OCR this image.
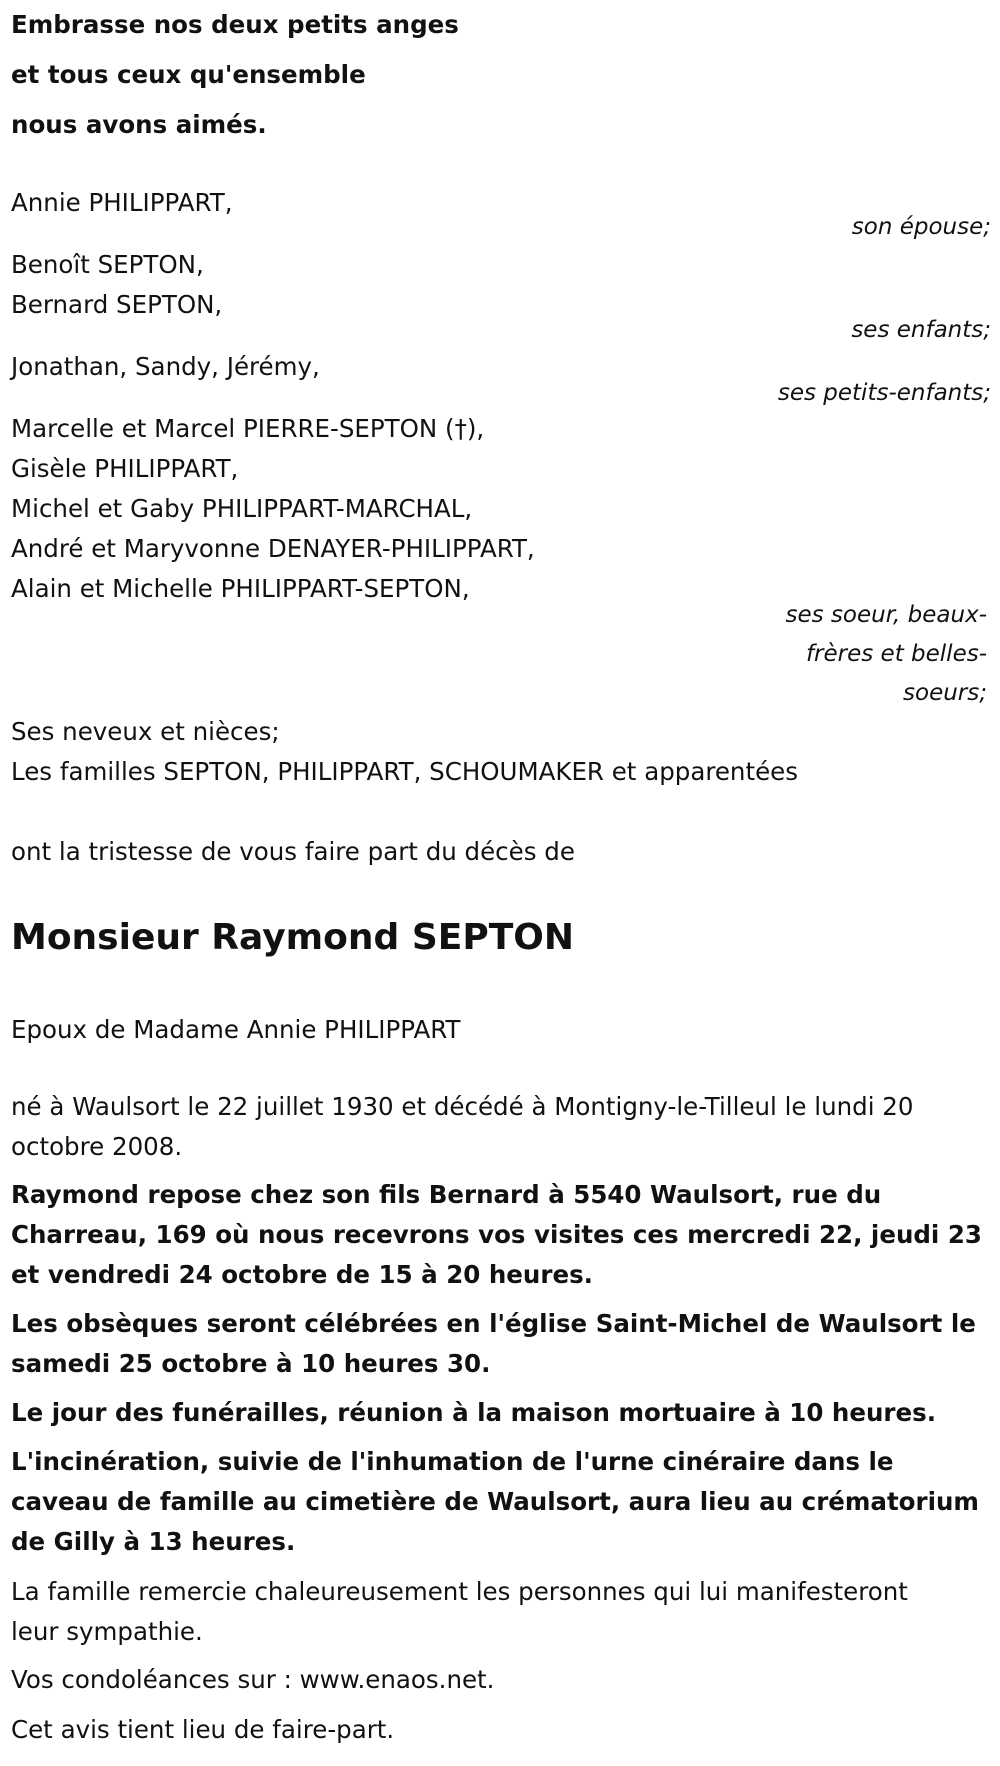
Embrasse nos deux petits anges
et tous ceux qu'ensemble
nous avons aimés.
Annie PHILIPPART,
son épouse;
Benoît SEPTON,
Bernard SEPTON,
ses enfants;
Jonathan, Sandy, Jérémy,
ses petits-enfants;
Marcelle et Marcel PIERRE-SEPTON (†),
Gisèle PHILIPPART,
Michel et Gaby PHILIPPART-MARCHAL,
André et Maryvonne DENAYER-PHILIPPART,
Alain et Michelle PHILIPPART-SEPTON,
ses soeur, beaux-
frères et belles-
soeurs;
Ses neveux et nièces;
Les familles SEPTON, PHILIPPART, SCHOUMAKER et apparentées
ont la tristesse de vous faire part du décès de
Monsieur Raymond SEPTON
Epoux de Madame Annie PHILIPPART
né à Waulsort le 22 juillet 1930 et décédé à Montigny-le-Tilleul le lundi 20
octobre 2008.
Raymond repose chez son fils Bernard à 5540 Waulsort, rue du
Charreau, 169 où nous recevrons vos visites ces mercredi 22, jeudi 23
et vendredi 24 octobre de 15 à 20 heures.
Les obsèques seront célébrées en l'église Saint-Michel de Waulsort le
samedi 25 octobre à 10 heures 30.
Le jour des funérailles, réunion à la maison mortuaire à 10 heures.
L'incinération, suivie de l'inhumation de l'urne cinéraire dans le
caveau de famille au cimetière de Waulsort, aura lieu au crématorium
de Gilly à 13 heures.
La famille remercie chaleureusement les personnes qui lui manifesteront
leur sympathie.
Vos condoléances sur : www.enaos.net.
Cet avis tient lieu de faire-part.
